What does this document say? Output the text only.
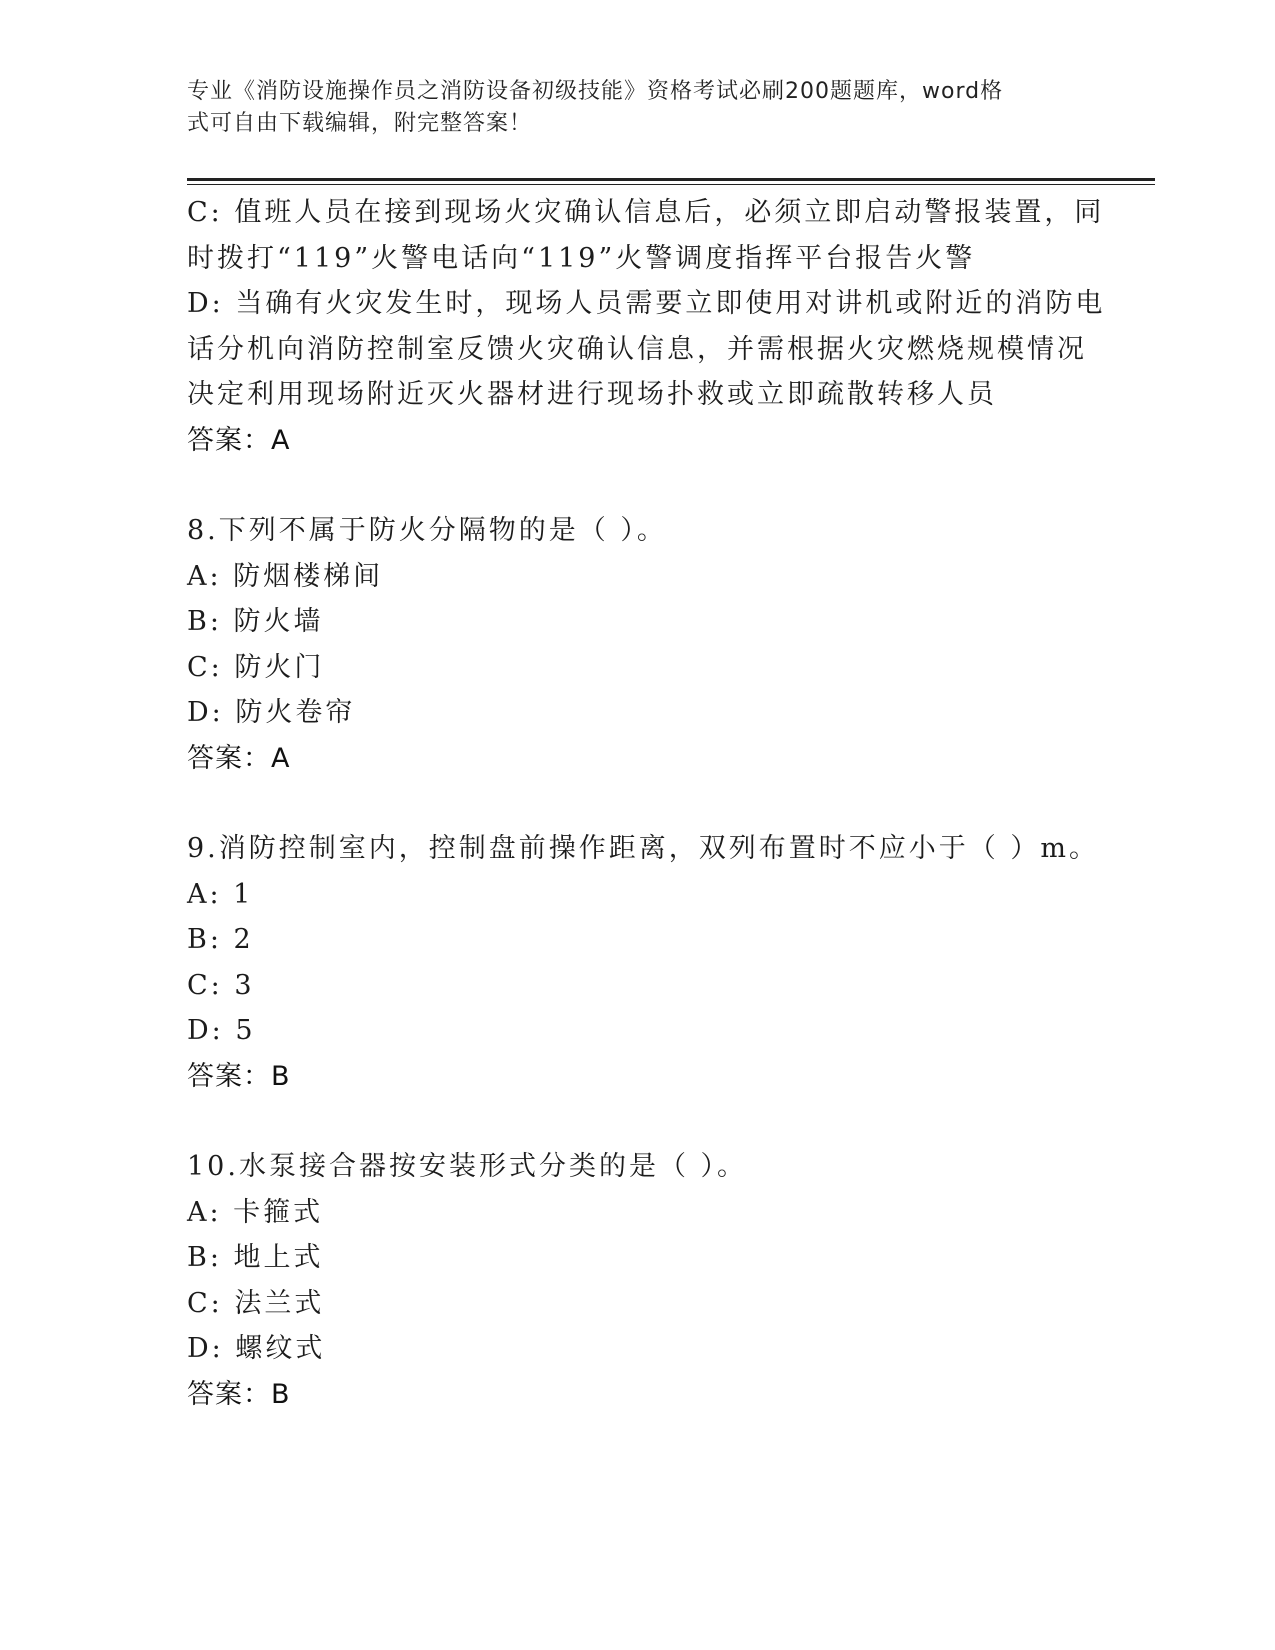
专业《消防设施操作员之消防设备初级技能》资格考试必刷200题题库，word格
式可自由下载编辑，附完整答案！
C: 值班人员在接到现场火灾确认信息后，必须立即启动警报装置，同
时拨打“119”火警电话向“119”火警调度指挥平台报告火警
D: 当确有火灾发生时，现场人员需要立即使用对讲机或附近的消防电
话分机向消防控制室反馈火灾确认信息，并需根据火灾燃烧规模情况
决定利用现场附近灭火器材进行现场扑救或立即疏散转移人员
答案：A
8.下列不属于防火分隔物的是（ ）。
A: 防烟楼梯间
B: 防火墙
C: 防火门
D: 防火卷帘
答案：A
9.消防控制室内，控制盘前操作距离，双列布置时不应小于（ ）m。
A: 1
B: 2
C: 3
D: 5
答案：B
10.水泵接合器按安装形式分类的是（ ）。
A: 卡箍式
B: 地上式
C: 法兰式
D: 螺纹式
答案：B
